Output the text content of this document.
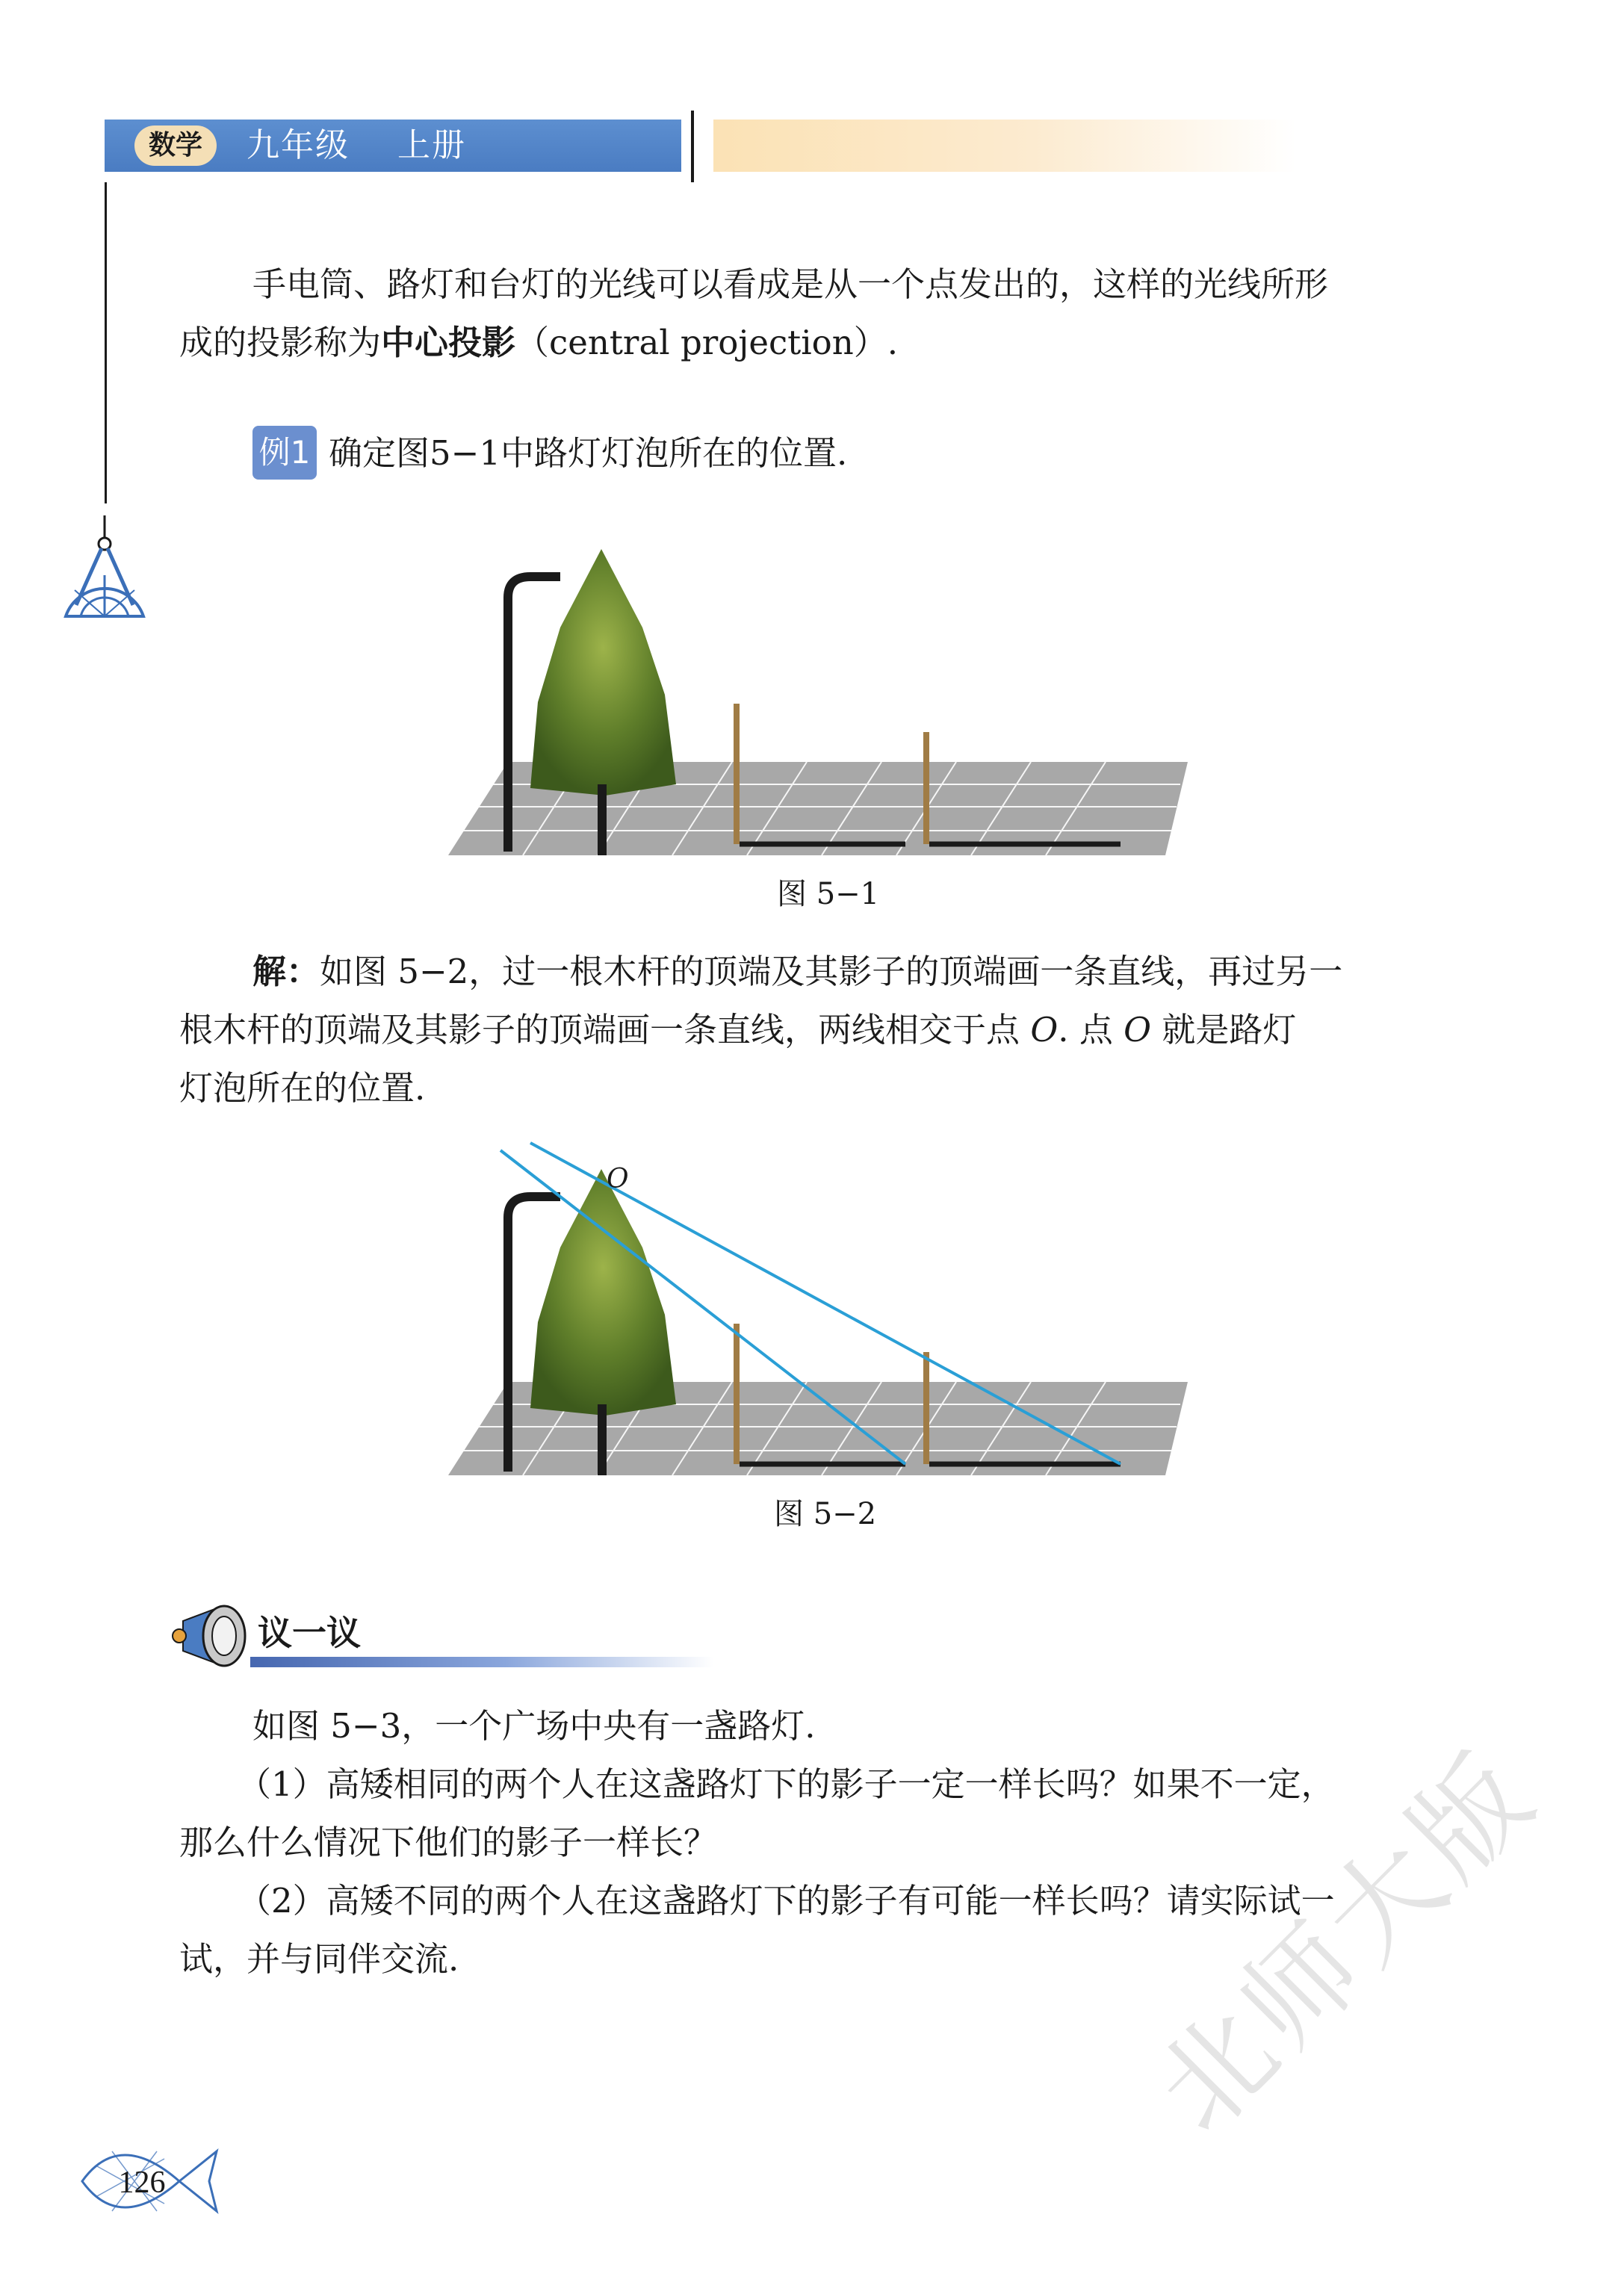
数学	九年级    上册
手电筒、路灯和台灯的光线可以看成是从一个点发出的，这样的光线所形
成的投影称为中心投影（central projection）.
例1 确定图5−1中路灯灯泡所在的位置.
图 5−1
解：如图 5−2，过一根木杆的顶端及其影子的顶端画一条直线，再过另一
根木杆的顶端及其影子的顶端画一条直线，两线相交于点 O. 点 O 就是路灯
灯泡所在的位置.
O
图 5−2
议一议
如图 5−3，一个广场中央有一盏路灯.
（1）高矮相同的两个人在这盏路灯下的影子一定一样长吗？如果不一定，
那么什么情况下他们的影子一样长？
（2）高矮不同的两个人在这盏路灯下的影子有可能一样长吗？请实际试一
试，并与同伴交流.
126
北师大版
